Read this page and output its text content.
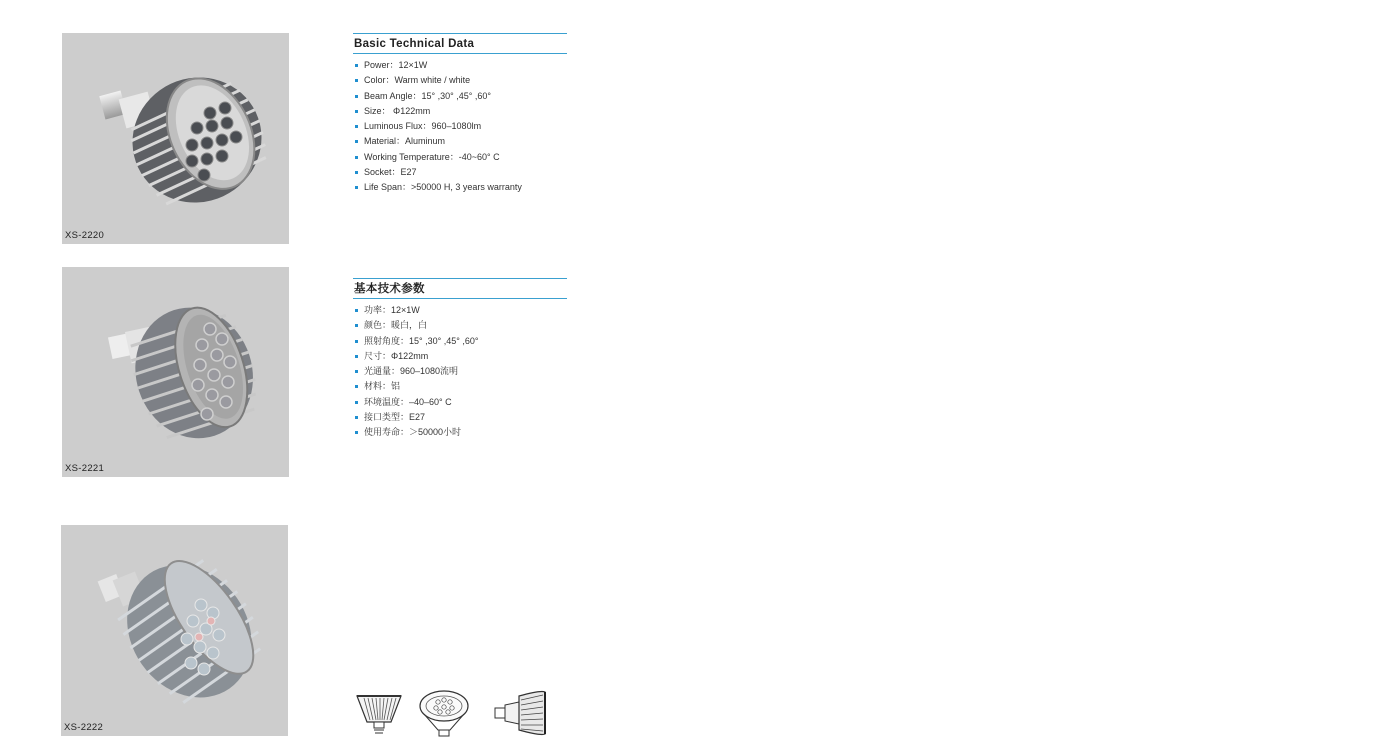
XS-2220
XS-2221
XS-2222
Basic Technical Data
Power：12×1W
Color：Warm white / white
Beam Angle：15° ,30° ,45° ,60°
Size： Φ122mm
Luminous Flux：960–1080lm
Material：Aluminum
Working Temperature：-40~60° C
Socket：E27
Life Span：>50000 H, 3 years warranty
基本技术参数
功率：12×1W
颜色：暖白，白
照射角度：15° ,30° ,45° ,60°
尺寸：Φ122mm
光通量：960–1080流明
材料：铝
环境温度：–40–60° C
接口类型：E27
使用寿命：＞50000小时
